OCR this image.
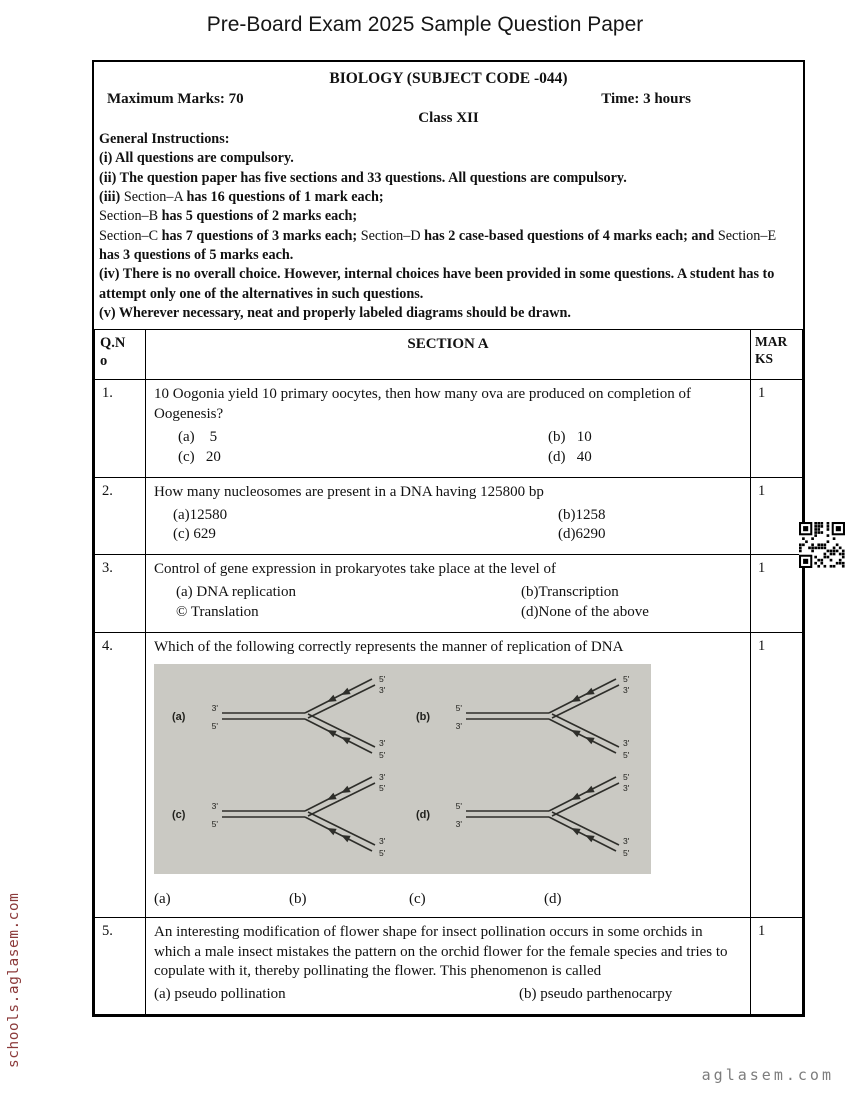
Pre-Board Exam 2025 Sample Question Paper
BIOLOGY (SUBJECT CODE -044)
Maximum Marks: 70	Time: 3 hours
Class XII
General Instructions:
(i) All questions are compulsory.
(ii) The question paper has five sections and 33 questions. All questions are compulsory.
(iii) Section–A has 16 questions of 1 mark each;
Section–B has 5 questions of 2 marks each;
Section–C has 7 questions of 3 marks each; Section–D has 2 case-based questions of 4 marks each; and Section–E has 3 questions of 5 marks each.
(iv) There is no overall choice. However, internal choices have been provided in some questions. A student has to attempt only one of the alternatives in such questions.
(v) Wherever necessary, neat and properly labeled diagrams should be drawn.
Q.No	SECTION A	MARKS
1.	10 Oogonia yield 10 primary oocytes, then how many ova are produced on completion of Oogenesis?
(a)    5 (b)   10
(c)   20 (d)   40	1
2.	How many nucleosomes are present in a DNA having 125800 bp
(a)12580 (b)1258
(c) 629 (d)6290	1
3.	Control of gene expression in prokaryotes take place at the level of
(a) DNA replication (b)Transcription
© Translation (d)None of the above	1
4.	Which of the following correctly represents the manner of replication of DNA
(a)
3'
5'
5'
3'
3'
5'
(b)
5'
3'
5'
3'
3'
5'
(c)
3'
5'
3'
5'
3'
5'
(d)
5'
3'
5'
3'
3'
5'
(a)	(b)	(c)	(d)
	1
5.	An interesting modification of flower shape for insect pollination occurs in some orchids in which a male insect mistakes the pattern on the orchid flower for the female species and tries to copulate with it, thereby pollinating the flower. This phenomenon is called
(a) pseudo pollination (b) pseudo parthenocarpy	1
schools.aglasem.com
aglasem.com
